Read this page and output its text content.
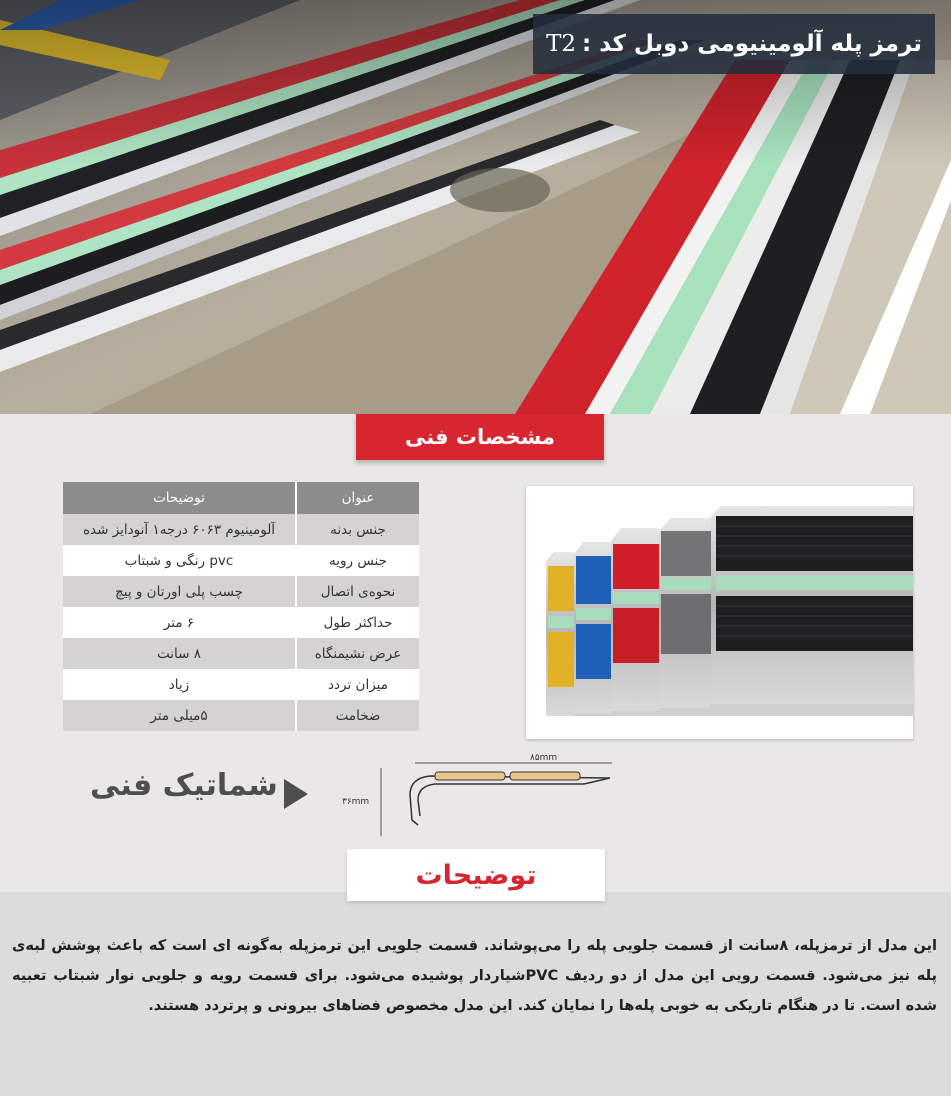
ترمز پله آلومینیومی دوبل کد :
T2
مشخصات فنی
عنوان	توضیحات
جنس بدنه	آلومینیوم ۶۰۶۳ درجه۱ آنودایز شده
جنس رویه	pvc رنگی و شبتاب
نحوه‌ی اتصال	چسب پلی اورتان و پیچ
حداکثر طول	۶ متر
عرض نشیمنگاه	۸ سانت
میزان تردد	زیاد
ضخامت	۵میلی متر
شماتیک فنی
۸۵mm
۳۶mm
توضیحات
این مدل از ترمزپله، ۸سانت از قسمت جلویی پله را می‌پوشاند. قسمت جلویی این ترمزپله به‌گونه ای است که باعث پوشش لبه‌ی پله نیز می‌شود. قسمت رویی این مدل از دو ردیف PVCشیاردار پوشیده می‌شود. برای قسمت رویه و جلویی نوار شبتاب تعبیه شده است. تا در هنگام تاریکی به خوبی پله‌ها را نمایان کند. این مدل مخصوص فضاهای بیرونی و پرتردد هستند.
